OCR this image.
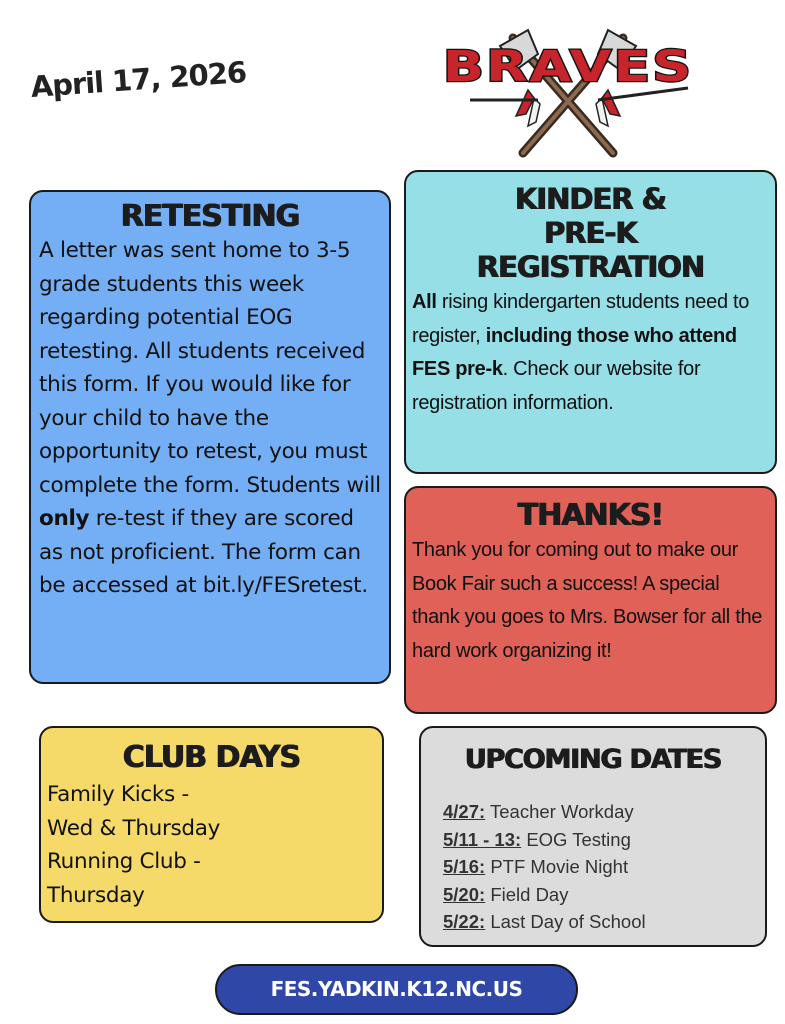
April 17, 2026	BRAVES
RETESTING

A letter was sent home to 3-5 grade students this week regarding potential EOG retesting. All students received this form. If you would like for your child to have the opportunity to retest, you must complete the form. Students will only re-test if they are scored as not proficient. The form can be accessed at bit.ly/FESretest.

KINDER &
PRE-K
REGISTRATION

All rising kindergarten students need to register, including those who attend FES pre-k. Check our website for registration information.

THANKS!

Thank you for coming out to make our Book Fair such a success! A special thank you goes to Mrs. Bowser for all the hard work organizing it!

CLUB DAYS

Family Kicks -

Wed & Thursday

Running Club -

Thursday

UPCOMING DATES
4/27: Teacher Workday
5/11 - 13: EOG Testing
5/16: PTF Movie Night
5/20: Field Day
5/22: Last Day of School
FES.YADKIN.K12.NC.US
